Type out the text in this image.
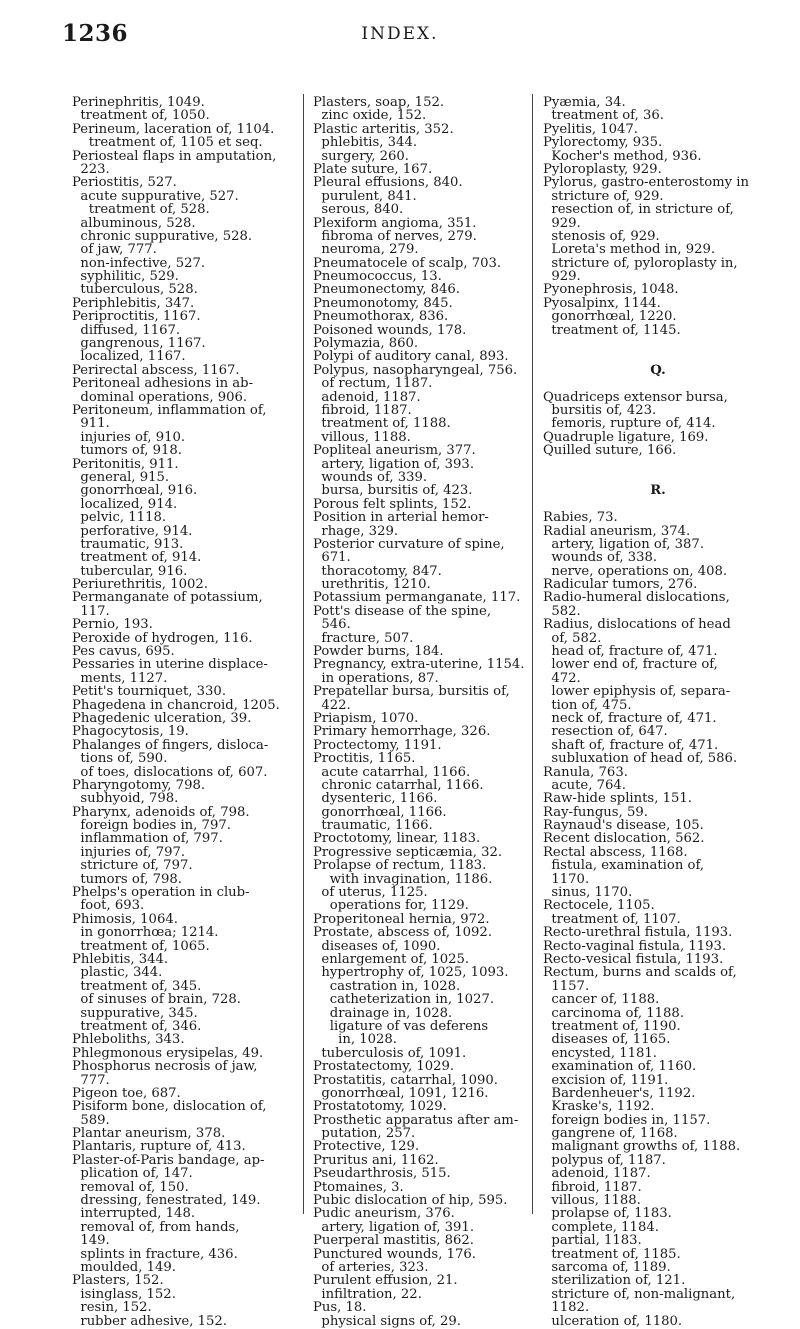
1236	INDEX.
Perinephritis, 1049.
treatment of, 1050.
Perineum, laceration of, 1104.
treatment of, 1105 et seq.
Periosteal flaps in amputation,
223.
Periostitis, 527.
acute suppurative, 527.
treatment of, 528.
albuminous, 528.
chronic suppurative, 528.
of jaw, 777.
non-infective, 527.
syphilitic, 529.
tuberculous, 528.
Periphlebitis, 347.
Periproctitis, 1167.
diffused, 1167.
gangrenous, 1167.
localized, 1167.
Perirectal abscess, 1167.
Peritoneal adhesions in ab-
dominal operations, 906.
Peritoneum, inflammation of,
911.
injuries of, 910.
tumors of, 918.
Peritonitis, 911.
general, 915.
gonorrhœal, 916.
localized, 914.
pelvic, 1118.
perforative, 914.
traumatic, 913.
treatment of, 914.
tubercular, 916.
Periurethritis, 1002.
Permanganate of potassium,
117.
Pernio, 193.
Peroxide of hydrogen, 116.
Pes cavus, 695.
Pessaries in uterine displace-
ments, 1127.
Petit's tourniquet, 330.
Phagedena in chancroid, 1205.
Phagedenic ulceration, 39.
Phagocytosis, 19.
Phalanges of fingers, disloca-
tions of, 590.
of toes, dislocations of, 607.
Pharyngotomy, 798.
subhyoid, 798.
Pharynx, adenoids of, 798.
foreign bodies in, 797.
inflammation of, 797.
injuries of, 797.
stricture of, 797.
tumors of, 798.
Phelps's operation in club-
foot, 693.
Phimosis, 1064.
in gonorrhœa; 1214.
treatment of, 1065.
Phlebitis, 344.
plastic, 344.
treatment of, 345.
of sinuses of brain, 728.
suppurative, 345.
treatment of, 346.
Phleboliths, 343.
Phlegmonous erysipelas, 49.
Phosphorus necrosis of jaw,
777.
Pigeon toe, 687.
Pisiform bone, dislocation of,
589.
Plantar aneurism, 378.
Plantaris, rupture of, 413.
Plaster-of-Paris bandage, ap-
plication of, 147.
removal of, 150.
dressing, fenestrated, 149.
interrupted, 148.
removal of, from hands,
149.
splints in fracture, 436.
moulded, 149.
Plasters, 152.
isinglass, 152.
resin, 152.
rubber adhesive, 152.
Plasters, soap, 152.
zinc oxide, 152.
Plastic arteritis, 352.
phlebitis, 344.
surgery, 260.
Plate suture, 167.
Pleural effusions, 840.
purulent, 841.
serous, 840.
Plexiform angioma, 351.
fibroma of nerves, 279.
neuroma, 279.
Pneumatocele of scalp, 703.
Pneumococcus, 13.
Pneumonectomy, 846.
Pneumonotomy, 845.
Pneumothorax, 836.
Poisoned wounds, 178.
Polymazia, 860.
Polypi of auditory canal, 893.
Polypus, nasopharyngeal, 756.
of rectum, 1187.
adenoid, 1187.
fibroid, 1187.
treatment of, 1188.
villous, 1188.
Popliteal aneurism, 377.
artery, ligation of, 393.
wounds of, 339.
bursa, bursitis of, 423.
Porous felt splints, 152.
Position in arterial hemor-
rhage, 329.
Posterior curvature of spine,
671.
thoracotomy, 847.
urethritis, 1210.
Potassium permanganate, 117.
Pott's disease of the spine,
546.
fracture, 507.
Powder burns, 184.
Pregnancy, extra-uterine, 1154.
in operations, 87.
Prepatellar bursa, bursitis of,
422.
Priapism, 1070.
Primary hemorrhage, 326.
Proctectomy, 1191.
Proctitis, 1165.
acute catarrhal, 1166.
chronic catarrhal, 1166.
dysenteric, 1166.
gonorrhœal, 1166.
traumatic, 1166.
Proctotomy, linear, 1183.
Progressive septicæmia, 32.
Prolapse of rectum, 1183.
with invagination, 1186.
of uterus, 1125.
operations for, 1129.
Properitoneal hernia, 972.
Prostate, abscess of, 1092.
diseases of, 1090.
enlargement of, 1025.
hypertrophy of, 1025, 1093.
castration in, 1028.
catheterization in, 1027.
drainage in, 1028.
ligature of vas deferens
in, 1028.
tuberculosis of, 1091.
Prostatectomy, 1029.
Prostatitis, catarrhal, 1090.
gonorrhœal, 1091, 1216.
Prostatotomy, 1029.
Prosthetic apparatus after am-
putation, 257.
Protective, 129.
Pruritus ani, 1162.
Pseudarthrosis, 515.
Ptomaines, 3.
Pubic dislocation of hip, 595.
Pudic aneurism, 376.
artery, ligation of, 391.
Puerperal mastitis, 862.
Punctured wounds, 176.
of arteries, 323.
Purulent effusion, 21.
infiltration, 22.
Pus, 18.
physical signs of, 29.
Pyæmia, 34.
treatment of, 36.
Pyelitis, 1047.
Pylorectomy, 935.
Kocher's method, 936.
Pyloroplasty, 929.
Pylorus, gastro-enterostomy in
stricture of, 929.
resection of, in stricture of,
929.
stenosis of, 929.
Loreta's method in, 929.
stricture of, pyloroplasty in,
929.
Pyonephrosis, 1048.
Pyosalpinx, 1144.
gonorrhœal, 1220.
treatment of, 1145.

Q.

Quadriceps extensor bursa,
bursitis of, 423.
femoris, rupture of, 414.
Quadruple ligature, 169.
Quilled suture, 166.

R.

Rabies, 73.
Radial aneurism, 374.
artery, ligation of, 387.
wounds of, 338.
nerve, operations on, 408.
Radicular tumors, 276.
Radio-humeral dislocations,
582.
Radius, dislocations of head
of, 582.
head of, fracture of, 471.
lower end of, fracture of,
472.
lower epiphysis of, separa-
tion of, 475.
neck of, fracture of, 471.
resection of, 647.
shaft of, fracture of, 471.
subluxation of head of, 586.
Ranula, 763.
acute, 764.
Raw-hide splints, 151.
Ray-fungus, 59.
Raynaud's disease, 105.
Recent dislocation, 562.
Rectal abscess, 1168.
fistula, examination of,
1170.
sinus, 1170.
Rectocele, 1105.
treatment of, 1107.
Recto-urethral fistula, 1193.
Recto-vaginal fistula, 1193.
Recto-vesical fistula, 1193.
Rectum, burns and scalds of,
1157.
cancer of, 1188.
carcinoma of, 1188.
treatment of, 1190.
diseases of, 1165.
encysted, 1181.
examination of, 1160.
excision of, 1191.
Bardenheuer's, 1192.
Kraske's, 1192.
foreign bodies in, 1157.
gangrene of, 1168.
malignant growths of, 1188.
polypus of, 1187.
adenoid, 1187.
fibroid, 1187.
villous, 1188.
prolapse of, 1183.
complete, 1184.
partial, 1183.
treatment of, 1185.
sarcoma of, 1189.
sterilization of, 121.
stricture of, non-malignant,
1182.
ulceration of, 1180.
